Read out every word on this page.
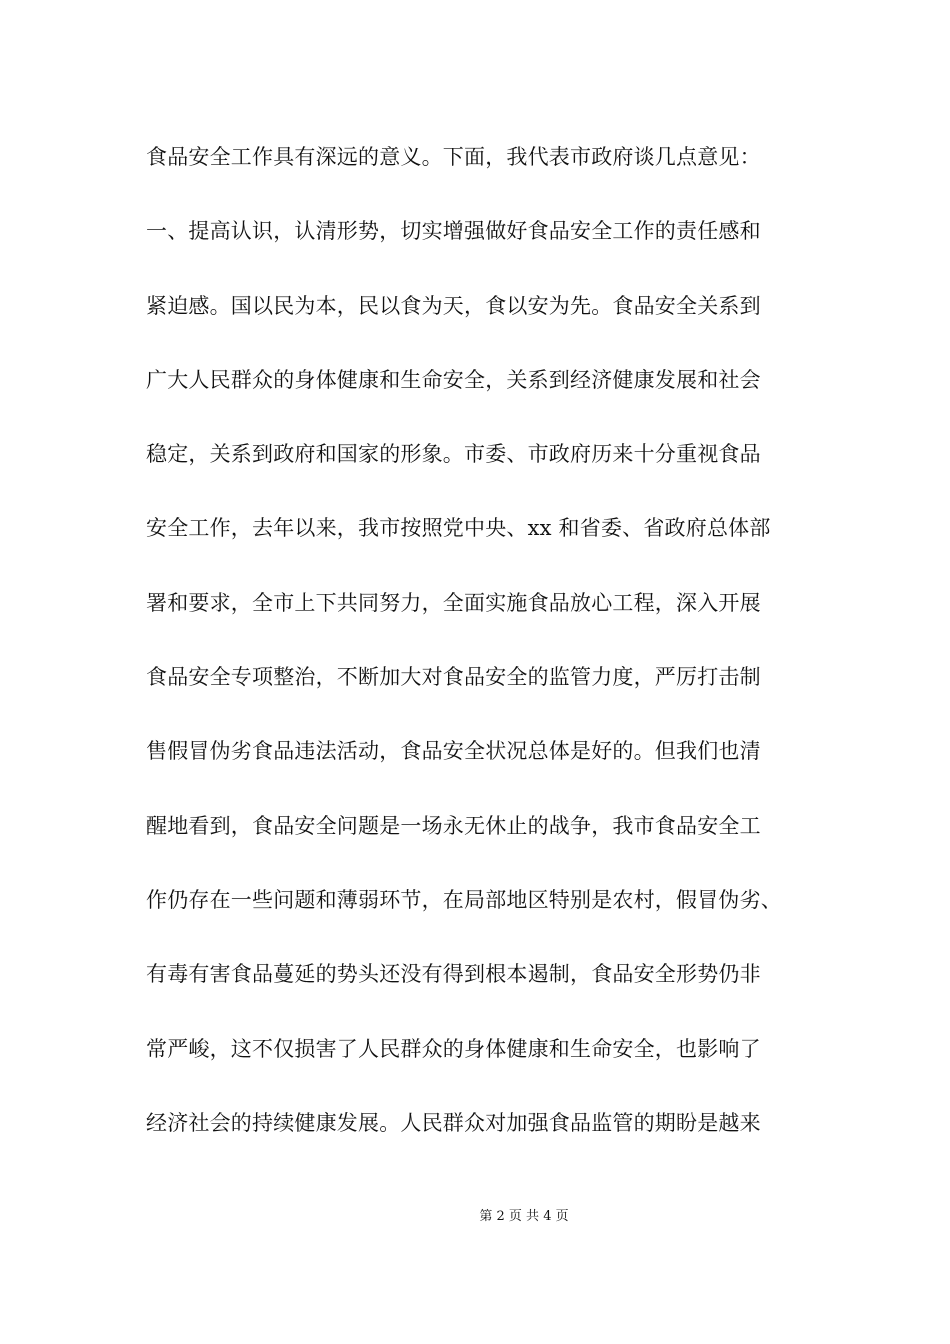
食品安全工作具有深远的意义。下面，我代表市政府谈几点意见：
一、提高认识，认清形势，切实增强做好食品安全工作的责任感和
紧迫感。国以民为本，民以食为天，食以安为先。食品安全关系到
广大人民群众的身体健康和生命安全，关系到经济健康发展和社会
稳定，关系到政府和国家的形象。市委、市政府历来十分重视食品
安全工作，去年以来，我市按照党中央、xx 和省委、省政府总体部
署和要求，全市上下共同努力，全面实施食品放心工程，深入开展
食品安全专项整治，不断加大对食品安全的监管力度，严厉打击制
售假冒伪劣食品违法活动，食品安全状况总体是好的。但我们也清
醒地看到，食品安全问题是一场永无休止的战争，我市食品安全工
作仍存在一些问题和薄弱环节，在局部地区特别是农村，假冒伪劣、
有毒有害食品蔓延的势头还没有得到根本遏制，食品安全形势仍非
常严峻，这不仅损害了人民群众的身体健康和生命安全，也影响了
经济社会的持续健康发展。人民群众对加强食品监管的期盼是越来
第 2 页 共 4 页
